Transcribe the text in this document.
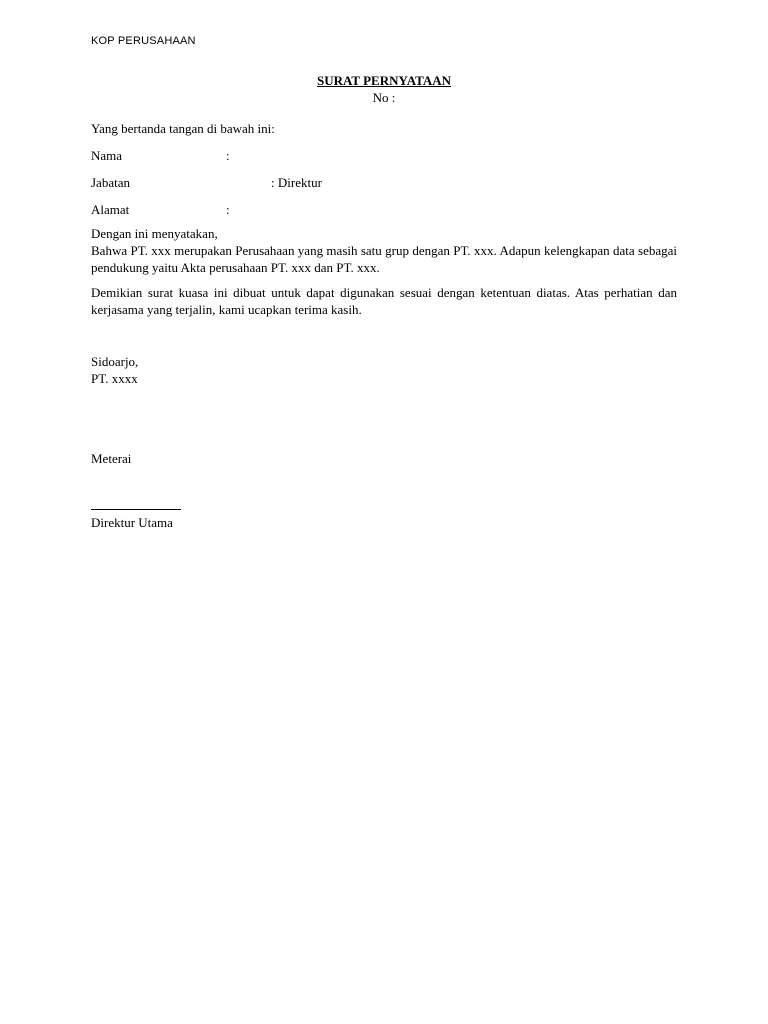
KOP PERUSAHAAN
SURAT PERNYATAAN
No :
Yang bertanda tangan di bawah ini:
Nama	:
Jabatan	: Direktur
Alamat	:
Dengan ini menyatakan,
Bahwa PT. xxx merupakan Perusahaan yang masih satu grup dengan PT. xxx. Adapun kelengkapan data sebagai pendukung yaitu Akta perusahaan PT. xxx dan PT. xxx.
Demikian surat kuasa ini dibuat untuk dapat digunakan sesuai dengan ketentuan diatas. Atas perhatian dan kerjasama yang terjalin, kami ucapkan terima kasih.
Sidoarjo,
PT. xxxx
Meterai
Direktur Utama
